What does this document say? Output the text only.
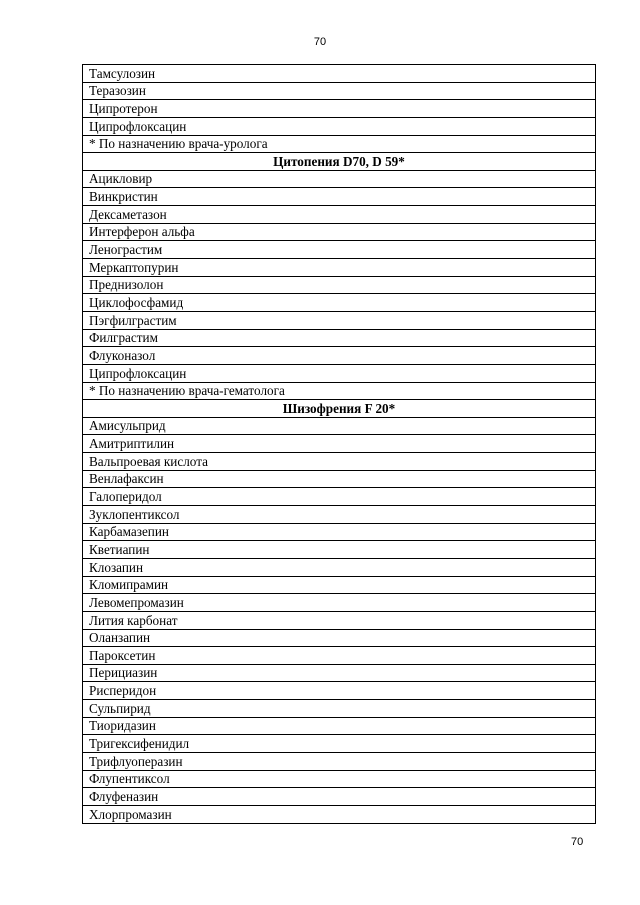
70
Тамсулозин
Теразозин
Ципротерон
Ципрофлоксацин
* По назначению врача-уролога
Цитопения D70, D 59*
Ацикловир
Винкристин
Дексаметазон
Интерферон альфа
Ленограстим
Меркаптопурин
Преднизолон
Циклофосфамид
Пэгфилграстим
Филграстим
Флуконазол
Ципрофлоксацин
* По назначению врача-гематолога
Шизофрения F 20*
Амисульприд
Амитриптилин
Вальпроевая кислота
Венлафаксин
Галоперидол
Зуклопентиксол
Карбамазепин
Кветиапин
Клозапин
Кломипрамин
Левомепромазин
Лития карбонат
Оланзапин
Пароксетин
Перициазин
Рисперидон
Сульпирид
Тиоридазин
Тригексифенидил
Трифлуоперазин
Флупентиксол
Флуфеназин
Хлорпромазин
70
